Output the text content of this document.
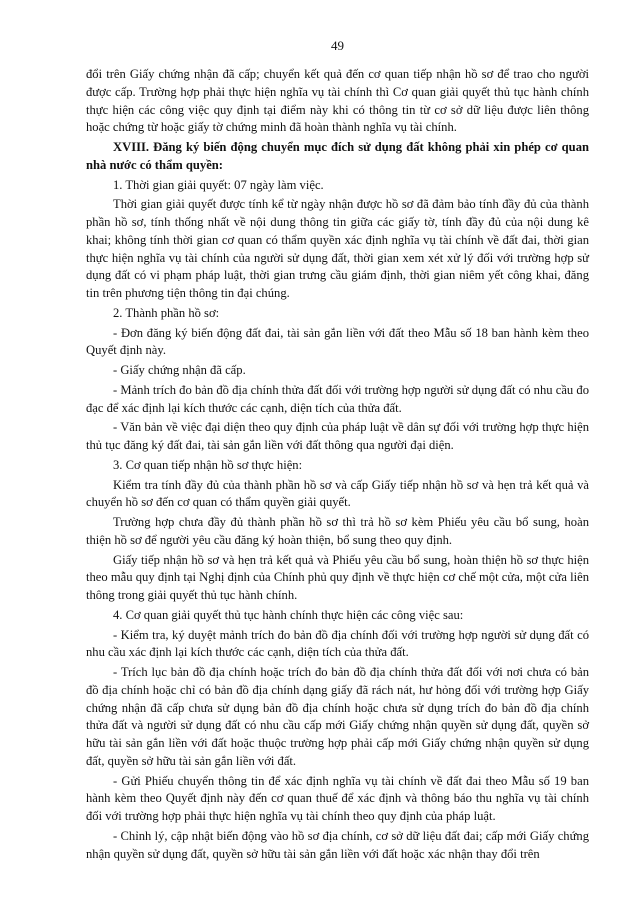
49

đổi trên Giấy chứng nhận đã cấp; chuyển kết quả đến cơ quan tiếp nhận hồ sơ để trao cho người được cấp. Trường hợp phải thực hiện nghĩa vụ tài chính thì Cơ quan giải quyết thủ tục hành chính thực hiện các công việc quy định tại điểm này khi có thông tin từ cơ sở dữ liệu được liên thông hoặc chứng từ hoặc giấy tờ chứng minh đã hoàn thành nghĩa vụ tài chính.

XVIII. Đăng ký biến động chuyển mục đích sử dụng đất không phải xin phép cơ quan nhà nước có thẩm quyền:

1. Thời gian giải quyết: 07 ngày làm việc.

Thời gian giải quyết được tính kể từ ngày nhận được hồ sơ đã đảm bảo tính đầy đủ của thành phần hồ sơ, tính thống nhất về nội dung thông tin giữa các giấy tờ, tính đầy đủ của nội dung kê khai; không tính thời gian cơ quan có thẩm quyền xác định nghĩa vụ tài chính về đất đai, thời gian thực hiện nghĩa vụ tài chính của người sử dụng đất, thời gian xem xét xử lý đối với trường hợp sử dụng đất có vi phạm pháp luật, thời gian trưng cầu giám định, thời gian niêm yết công khai, đăng tin trên phương tiện thông tin đại chúng.

2. Thành phần hồ sơ:

- Đơn đăng ký biến động đất đai, tài sản gắn liền với đất theo Mẫu số 18 ban hành kèm theo Quyết định này.

- Giấy chứng nhận đã cấp.

- Mảnh trích đo bản đồ địa chính thửa đất đối với trường hợp người sử dụng đất có nhu cầu đo đạc để xác định lại kích thước các cạnh, diện tích của thửa đất.

- Văn bản về việc đại diện theo quy định của pháp luật về dân sự đối với trường hợp thực hiện thủ tục đăng ký đất đai, tài sản gắn liền với đất thông qua người đại diện.

3. Cơ quan tiếp nhận hồ sơ thực hiện:

Kiểm tra tính đầy đủ của thành phần hồ sơ và cấp Giấy tiếp nhận hồ sơ và hẹn trả kết quả và chuyển hồ sơ đến cơ quan có thẩm quyền giải quyết.

Trường hợp chưa đầy đủ thành phần hồ sơ thì trả hồ sơ kèm Phiếu yêu cầu bổ sung, hoàn thiện hồ sơ để người yêu cầu đăng ký hoàn thiện, bổ sung theo quy định.

Giấy tiếp nhận hồ sơ và hẹn trả kết quả và Phiếu yêu cầu bổ sung, hoàn thiện hồ sơ thực hiện theo mẫu quy định tại Nghị định của Chính phủ quy định về thực hiện cơ chế một cửa, một cửa liên thông trong giải quyết thủ tục hành chính.

4. Cơ quan giải quyết thủ tục hành chính thực hiện các công việc sau:

- Kiểm tra, ký duyệt mảnh trích đo bản đồ địa chính đối với trường hợp người sử dụng đất có nhu cầu xác định lại kích thước các cạnh, diện tích của thửa đất.

- Trích lục bản đồ địa chính hoặc trích đo bản đồ địa chính thửa đất đối với nơi chưa có bản đồ địa chính hoặc chỉ có bản đồ địa chính dạng giấy đã rách nát, hư hỏng đối với trường hợp Giấy chứng nhận đã cấp chưa sử dụng bản đồ địa chính hoặc chưa sử dụng trích đo bản đồ địa chính thửa đất và người sử dụng đất có nhu cầu cấp mới Giấy chứng nhận quyền sử dụng đất, quyền sở hữu tài sản gắn liền với đất hoặc thuộc trường hợp phải cấp mới Giấy chứng nhận quyền sử dụng đất, quyền sở hữu tài sản gắn liền với đất.

- Gửi Phiếu chuyển thông tin để xác định nghĩa vụ tài chính về đất đai theo Mẫu số 19 ban hành kèm theo Quyết định này đến cơ quan thuế để xác định và thông báo thu nghĩa vụ tài chính đối với trường hợp phải thực hiện nghĩa vụ tài chính theo quy định của pháp luật.

- Chỉnh lý, cập nhật biến động vào hồ sơ địa chính, cơ sở dữ liệu đất đai; cấp mới Giấy chứng nhận quyền sử dụng đất, quyền sở hữu tài sản gắn liền với đất hoặc xác nhận thay đổi trên
